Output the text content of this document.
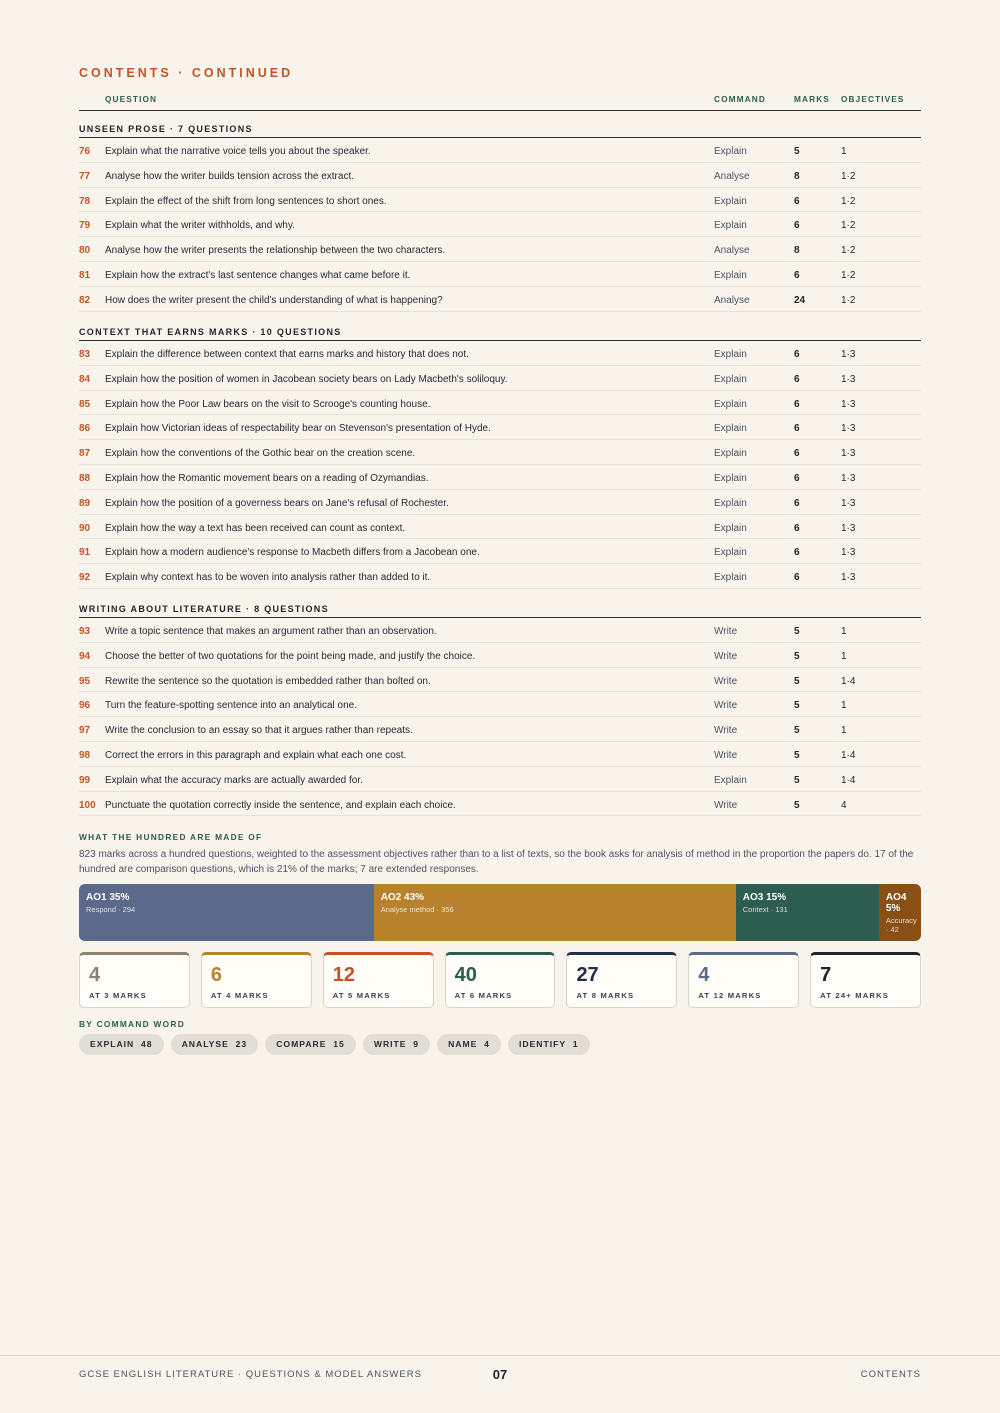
CONTENTS · CONTINUED
QUESTION	COMMAND	MARKS OBJECTIVES
UNSEEN PROSE · 7 QUESTIONS
76 Explain what the narrative voice tells you about the speaker.	Explain	5	1
77 Analyse how the writer builds tension across the extract.	Analyse	8	1·2
78 Explain the effect of the shift from long sentences to short ones.	Explain	6	1·2
79 Explain what the writer withholds, and why.	Explain	6	1·2
80 Analyse how the writer presents the relationship between the two characters.	Analyse	8	1·2
81 Explain how the extract's last sentence changes what came before it.	Explain	6	1·2
82 How does the writer present the child's understanding of what is happening?	Analyse	24	1·2
CONTEXT THAT EARNS MARKS · 10 QUESTIONS
83 Explain the difference between context that earns marks and history that does not.	Explain	6	1·3
84 Explain how the position of women in Jacobean society bears on Lady Macbeth's soliloquy.	Explain	6	1·3
85 Explain how the Poor Law bears on the visit to Scrooge's counting house.	Explain	6	1·3
86 Explain how Victorian ideas of respectability bear on Stevenson's presentation of Hyde.	Explain	6	1·3
87 Explain how the conventions of the Gothic bear on the creation scene.	Explain	6	1·3
88 Explain how the Romantic movement bears on a reading of Ozymandias.	Explain	6	1·3
89 Explain how the position of a governess bears on Jane's refusal of Rochester.	Explain	6	1·3
90 Explain how the way a text has been received can count as context.	Explain	6	1·3
91 Explain how a modern audience's response to Macbeth differs from a Jacobean one.	Explain	6	1·3
92 Explain why context has to be woven into analysis rather than added to it.	Explain	6	1·3
WRITING ABOUT LITERATURE · 8 QUESTIONS
93 Write a topic sentence that makes an argument rather than an observation.	Write	5	1
94 Choose the better of two quotations for the point being made, and justify the choice.	Write	5	1
95 Rewrite the sentence so the quotation is embedded rather than bolted on.	Write	5	1·4
96 Turn the feature-spotting sentence into an analytical one.	Write	5	1
97 Write the conclusion to an essay so that it argues rather than repeats.	Write	5	1
98 Correct the errors in this paragraph and explain what each one cost.	Write	5	1·4
99 Explain what the accuracy marks are actually awarded for.	Explain	5	1·4
100 Punctuate the quotation correctly inside the sentence, and explain each choice.	Write	5	4
WHAT THE HUNDRED ARE MADE OF
823 marks across a hundred questions, weighted to the assessment objectives rather than to a list of texts, so the book asks for analysis of method in the proportion the papers do. 17 of the hundred are comparison questions, which is 21% of the marks; 7 are extended responses.
AO1 35%
Respond · 294
AO2 43%
Analyse method · 356
AO3 15%
Context · 131
AO4 5%
Accuracy · 42
4
AT 3 MARKS
6
AT 4 MARKS
12
AT 5 MARKS
40
AT 6 MARKS
27
AT 8 MARKS
4
AT 12 MARKS
7
AT 24+ MARKS
BY COMMAND WORD
EXPLAIN  48	ANALYSE  23	COMPARE  15	WRITE  9	NAME  4	IDENTIFY  1
GCSE ENGLISH LITERATURE · QUESTIONS & MODEL ANSWERS	07	CONTENTS
